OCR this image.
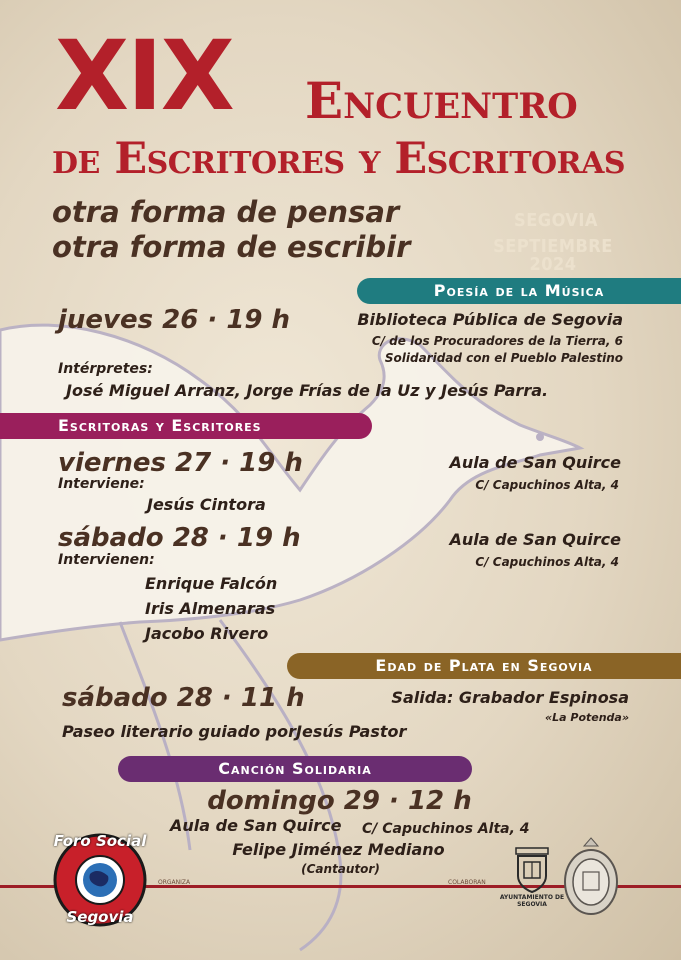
XIX Encuentro
de Escritores y Escritoras
otra forma de pensar
otra forma de escribir
SEGOVIA
SEPTIEMBRE 2024
Poesía de la Música
jueves 26 · 19 h	Biblioteca Pública de Segovia
C/ de los Procuradores de la Tierra, 6
Solidaridad con el Pueblo Palestino
Intérpretes:
José Miguel Arranz, Jorge Frías de la Uz y Jesús Parra.
Escritoras y Escritores
viernes 27 · 19 h
Interviene:
Jesús Cintora
Aula de San Quirce
C/ Capuchinos Alta, 4
sábado 28 · 19 h
Intervienen:
Enrique Falcón
Iris Almenaras
Jacobo Rivero
Aula de San Quirce
C/ Capuchinos Alta, 4
Edad de Plata en Segovia
sábado 28 · 11 h	Salida: Grabador Espinosa
«La Potenda»
Paseo literario guiado porJesús Pastor
Canción Solidaria
domingo 29 · 12 h
Aula de San Quirce C/ Capuchinos Alta, 4
Felipe Jiménez Mediano
(Cantautor)
ORGANIZA	COLABORAN
Foro Social
Segovia
AYUNTAMIENTO DE SEGOVIA
